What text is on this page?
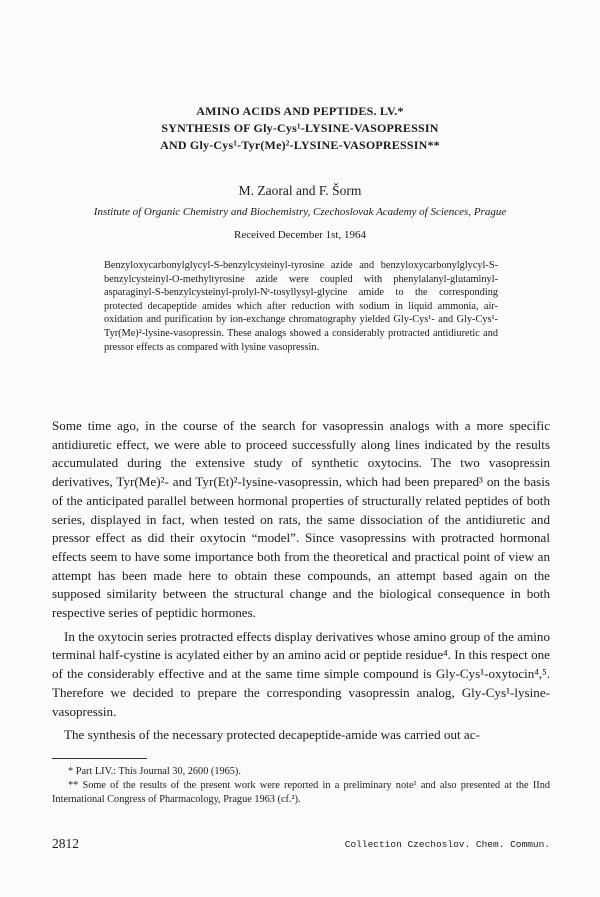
AMINO ACIDS AND PEPTIDES. LV.*

SYNTHESIS OF Gly-Cys¹-LYSINE-VASOPRESSIN

AND Gly-Cys¹-Tyr(Me)²-LYSINE-VASOPRESSIN**

M. Zaoral and F. Šorm
Institute of Organic Chemistry and Biochemistry, Czechoslovak Academy of Sciences, Prague
Received December 1st, 1964
Benzyloxycarbonylglycyl-S-benzylcysteinyl-tyrosine azide and benzyloxycarbonylglycyl-S-benzylcysteinyl-O-methyltyrosine azide were coupled with phenylalanyl-glutaminyl-asparaginyl-S-benzylcysteinyl-prolyl-Nᵋ-tosyllysyl-glycine amide to the corresponding protected decapeptide amides which after reduction with sodium in liquid ammonia, air-oxidation and purification by ion-exchange chromatography yielded Gly-Cys¹- and Gly-Cys¹-Tyr(Me)²-lysine-vasopressin. These analogs showed a considerably protracted antidiuretic and pressor effects as compared with lysine vasopressin.

Some time ago, in the course of the search for vasopressin analogs with a more specific antidiuretic effect, we were able to proceed successfully along lines indicated by the results accumulated during the extensive study of synthetic oxytocins. The two vasopressin derivatives, Tyr(Me)²- and Tyr(Et)²-lysine-vasopressin, which had been prepared³ on the basis of the anticipated parallel between hormonal properties of structurally related peptides of both series, displayed in fact, when tested on rats, the same dissociation of the antidiuretic and pressor effect as did their oxytocin “model”. Since vasopressins with protracted hormonal effects seem to have some importance both from the theoretical and practical point of view an attempt has been made here to obtain these compounds, an attempt based again on the supposed similarity between the structural change and the biological consequence in both respective series of peptidic hormones.

In the oxytocin series protracted effects display derivatives whose amino group of the amino terminal half-cystine is acylated either by an amino acid or peptide residue⁴. In this respect one of the considerably effective and at the same time simple compound is Gly-Cys¹-oxytocin⁴,⁵. Therefore we decided to prepare the corresponding vasopressin analog, Gly-Cys¹-lysine-vasopressin.

The synthesis of the necessary protected decapeptide-amide was carried out ac-

* Part LIV.: This Journal 30, 2600 (1965).

** Some of the results of the present work were reported in a preliminary note¹ and also presented at the IInd International Congress of Pharmacology, Prague 1963 (cf.²).

2812	Collection Czechoslov. Chem. Commun.
